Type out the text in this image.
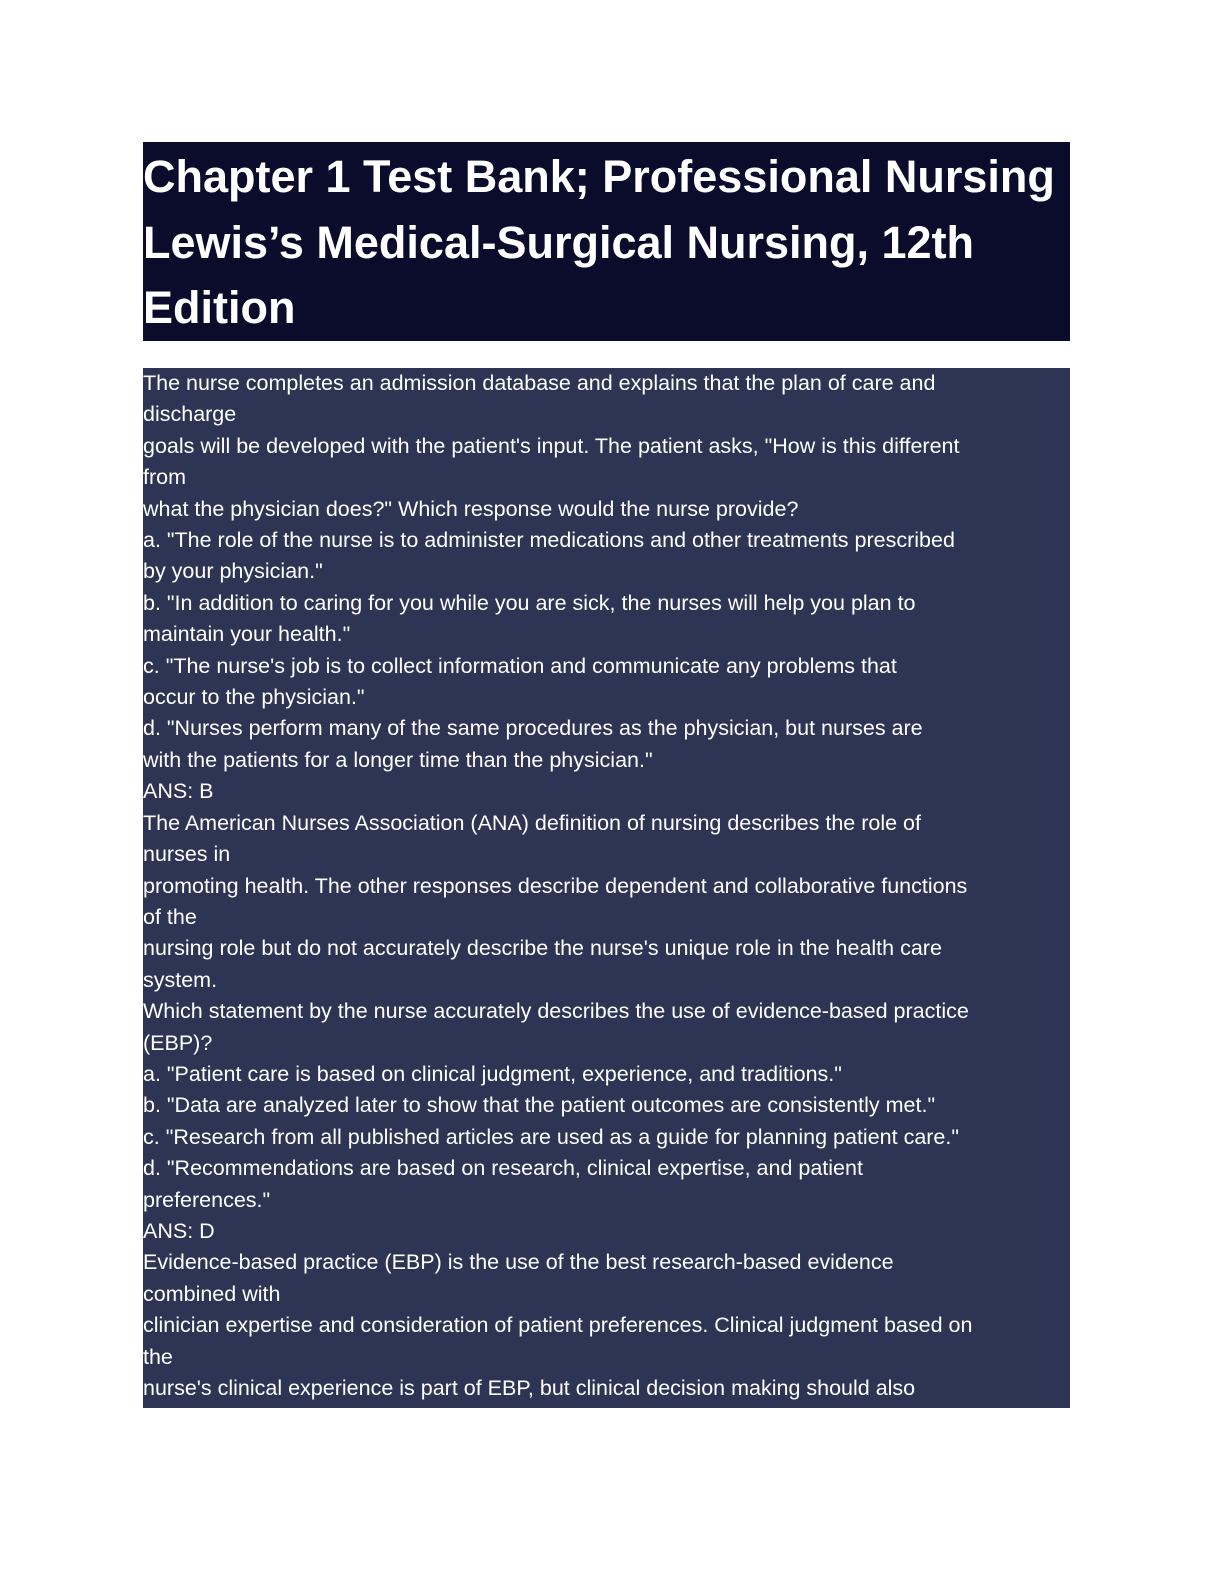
Chapter 1 Test Bank; Professional Nursing
Lewis’s Medical-Surgical Nursing, 12th
Edition
The nurse completes an admission database and explains that the plan of care and
discharge
goals will be developed with the patient's input. The patient asks, "How is this different
from
what the physician does?" Which response would the nurse provide?
a. "The role of the nurse is to administer medications and other treatments prescribed
by your physician."
b. "In addition to caring for you while you are sick, the nurses will help you plan to
maintain your health."
c. "The nurse's job is to collect information and communicate any problems that
occur to the physician."
d. "Nurses perform many of the same procedures as the physician, but nurses are
with the patients for a longer time than the physician."
ANS: B
The American Nurses Association (ANA) definition of nursing describes the role of
nurses in
promoting health. The other responses describe dependent and collaborative functions
of the
nursing role but do not accurately describe the nurse's unique role in the health care
system.
Which statement by the nurse accurately describes the use of evidence-based practice
(EBP)?
a. "Patient care is based on clinical judgment, experience, and traditions."
b. "Data are analyzed later to show that the patient outcomes are consistently met."
c. "Research from all published articles are used as a guide for planning patient care."
d. "Recommendations are based on research, clinical expertise, and patient
preferences."
ANS: D
Evidence-based practice (EBP) is the use of the best research-based evidence
combined with
clinician expertise and consideration of patient preferences. Clinical judgment based on
the
nurse's clinical experience is part of EBP, but clinical decision making should also
